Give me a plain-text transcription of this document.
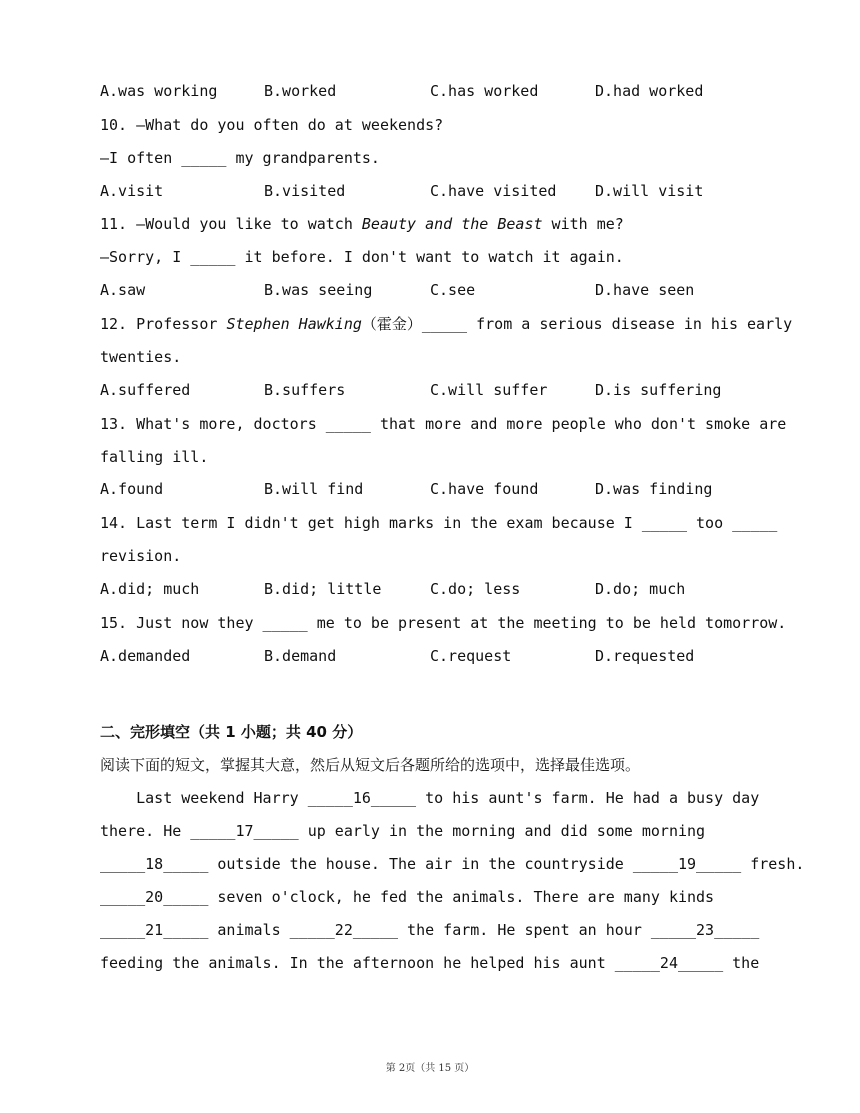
A.was working	B.worked	C.has worked	D.had worked
10. —What do you often do at weekends?
—I often _____ my grandparents.
A.visit	B.visited	C.have visited	D.will visit
11. —Would you like to watch Beauty and the Beast with me?
—Sorry, I _____ it before. I don't want to watch it again.
A.saw	B.was seeing	C.see	D.have seen
12. Professor Stephen Hawking（霍金）_____ from a serious disease in his early
twenties.
A.suffered	B.suffers	C.will suffer	D.is suffering
13. What's more, doctors _____ that more and more people who don't smoke are
falling ill.
A.found	B.will find	C.have found	D.was finding
14. Last term I didn't get high marks in the exam because I _____ too _____
revision.
A.did; much	B.did; little	C.do; less	D.do; much
15. Just now they _____ me to be present at the meeting to be held tomorrow.
A.demanded	B.demand	C.request	D.requested
二、完形填空（共 1 小题；共 40 分）
阅读下面的短文，掌握其大意，然后从短文后各题所给的选项中，选择最佳选项。
Last weekend Harry _____16_____ to his aunt's farm. He had a busy day
there. He _____17_____ up early in the morning and did some morning
_____18_____ outside the house. The air in the countryside _____19_____ fresh.
_____20_____ seven o'clock, he fed the animals. There are many kinds
_____21_____ animals _____22_____ the farm. He spent an hour _____23_____
feeding the animals. In the afternoon he helped his aunt _____24_____ the
第 2页（共 15 页）
